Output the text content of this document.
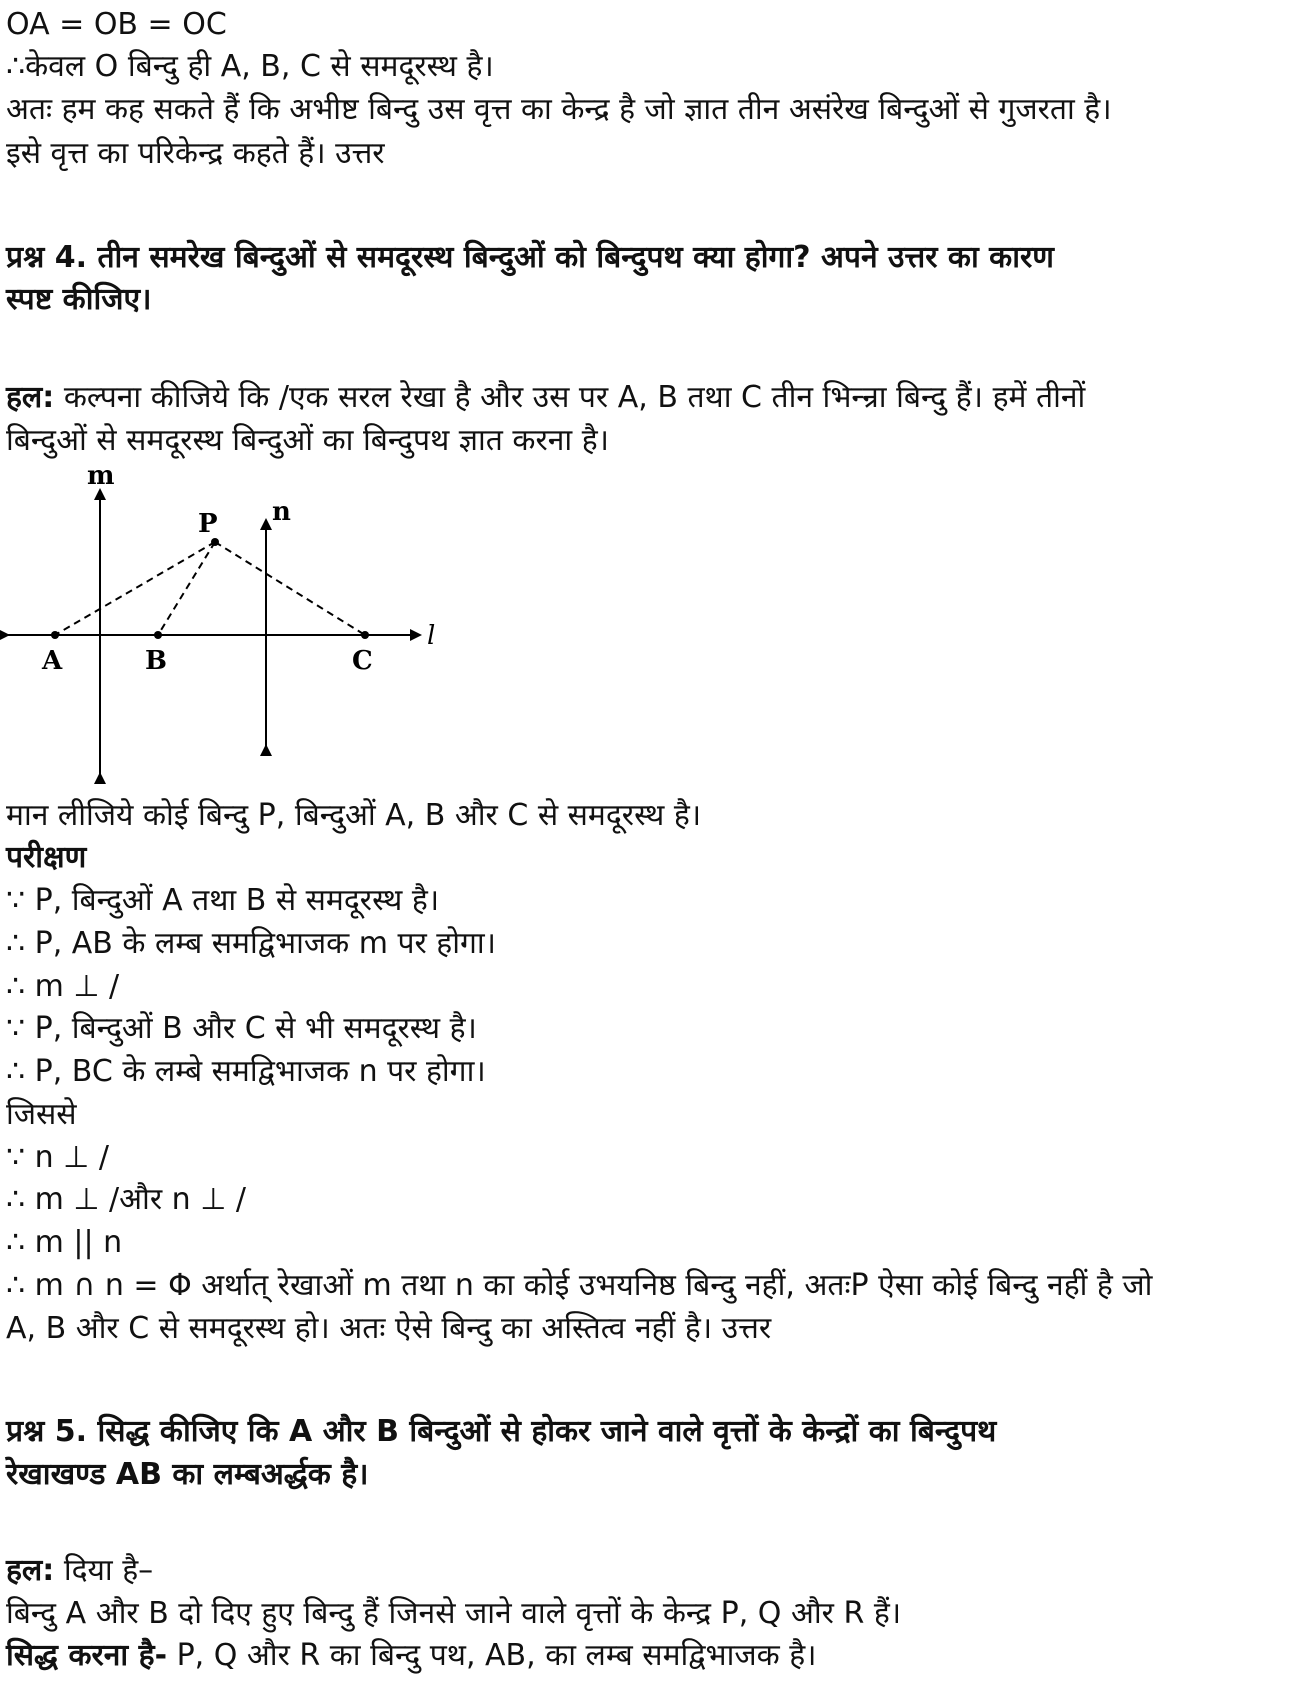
OA = OB = OC
∴केवल O बिन्दु ही A, B, C से समदूरस्थ है।
अतः हम कह सकते हैं कि अभीष्ट बिन्दु उस वृत्त का केन्द्र है जो ज्ञात तीन असंरेख बिन्दुओं से गुजरता है।
इसे वृत्त का परिकेन्द्र कहते हैं। उत्तर
प्रश्न 4. तीन समरेख बिन्दुओं से समदूरस्थ बिन्दुओं को बिन्दुपथ क्या होगा? अपने उत्तर का कारण
स्पष्ट कीजिए।
हल: कल्पना कीजिये कि /एक सरल रेखा है और उस पर A, B तथा C तीन भिन्न्रा बिन्दु हैं। हमें तीनों
बिन्दुओं से समदूरस्थ बिन्दुओं का बिन्दुपथ ज्ञात करना है।
m
n
P
A	B	C
l
मान लीजिये कोई बिन्दु P, बिन्दुओं A, B और C से समदूरस्थ है।
परीक्षण
∵ P, बिन्दुओं A तथा B से समदूरस्थ है।
∴ P, AB के लम्ब समद्विभाजक m पर होगा।
∴ m ⊥ /
∵ P, बिन्दुओं B और C से भी समदूरस्थ है।
∴ P, BC के लम्बे समद्विभाजक n पर होगा।
जिससे
∵ n ⊥ /
∴ m ⊥ /और n ⊥ /
∴ m || n
∴ m ∩ n = Φ अर्थात् रेखाओं m तथा n का कोई उभयनिष्ठ बिन्दु नहीं, अतःP ऐसा कोई बिन्दु नहीं है जो
A, B और C से समदूरस्थ हो। अतः ऐसे बिन्दु का अस्तित्व नहीं है। उत्तर
प्रश्न 5. सिद्ध कीजिए कि A और B बिन्दुओं से होकर जाने वाले वृत्तों के केन्द्रों का बिन्दुपथ
रेखाखण्ड AB का लम्बअर्द्धक है।
हल: दिया है–
बिन्दु A और B दो दिए हुए बिन्दु हैं जिनसे जाने वाले वृत्तों के केन्द्र P, Q और R हैं।
सिद्ध करना है- P, Q और R का बिन्दु पथ, AB, का लम्ब समद्विभाजक है।
